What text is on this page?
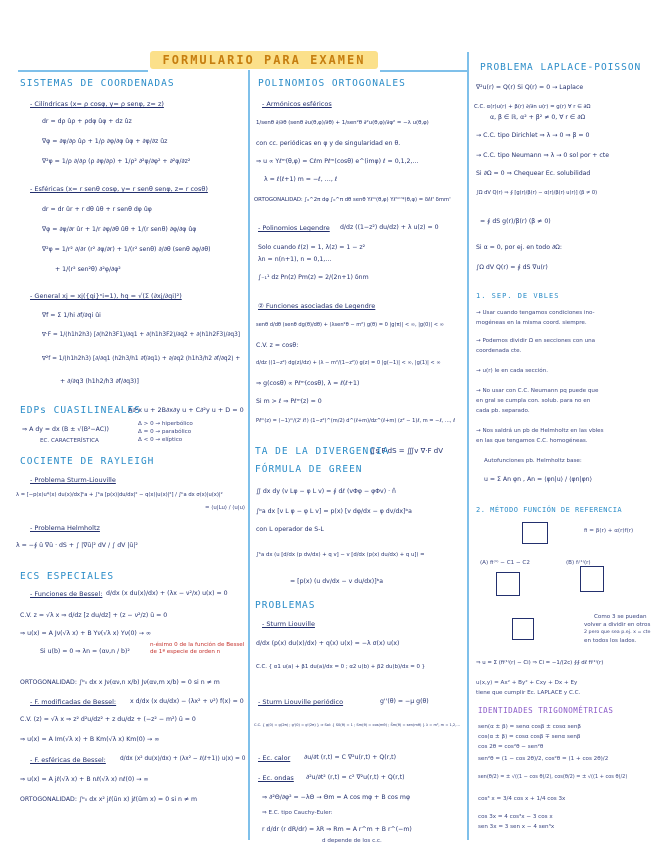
FORMULARIO PARA EXAMEN
SISTEMAS DE COORDENADAS
- Cilíndricas (x= ρ cosφ, y= ρ senφ, z= z)
dr = dρ ûρ + ρdφ ûφ + dz ûz
∇φ = ∂φ/∂ρ ûρ + 1/ρ ∂φ/∂φ ûφ + ∂φ/∂z ûz
∇²φ = 1/ρ ∂/∂ρ (ρ ∂φ/∂ρ) + 1/ρ² ∂²φ/∂φ² + ∂²φ/∂z²
- Esféricas (x= r senθ cosφ, y= r senθ senφ, z= r cosθ)
dr = dr ûr + r dθ ûθ + r senθ dφ ûφ
∇φ = ∂φ/∂r ûr + 1/r ∂φ/∂θ ûθ + 1/(r senθ) ∂φ/∂φ ûφ
∇²φ = 1/r² ∂/∂r (r² ∂φ/∂r) + 1/(r² senθ) ∂/∂θ (senθ ∂φ/∂θ)
+ 1/(r² sen²θ) ∂²φ/∂φ²
- General xj = xj({qi}ⁿi=1), hq = √(Σ (∂xj/∂qi)²)
∇f = Σ 1/hi ∂f/∂qi ûi
∇·F = 1/(h1h2h3) [∂(h2h3F1)/∂q1 + ∂(h1h3F2)/∂q2 + ∂(h1h2F3)/∂q3]
∇²f = 1/(h1h2h3) [∂/∂q1 (h2h3/h1 ∂f/∂q1) + ∂/∂q2 (h1h3/h2 ∂f/∂q2) +
+ ∂/∂q3 (h1h2/h3 ∂f/∂q3)]
EDPs CUASILINEALES
A∂²x u + 2B∂x∂y u + C∂²y u + D = 0
⇒ A dy = dx (B ± √(B²−AC))
EC. CARACTERÍSTICA
Δ > 0 → hiperbólico
Δ = 0 → parabólico
Δ < 0 → elíptico
COCIENTE DE RAYLEIGH
- Problema Sturm-Liouville
λ = [−p(x)u*(x) du(x)/dx]ᵇa + ∫ᵇa [p(x)|du/dx|² − q(x)|u(x)|²] / ∫ᵇa dx σ(x)|u(x)|²
= ⟨u|Lu⟩ / ⟨u|u⟩
- Problema Helmholtz
λ = −∮ ū ∇ū · dS + ∫ |∇ū|² dV / ∫ dV |ū|²
ECS ESPECIALES
- Funciones de Bessel: d/dx (x du(x)/dx) + (λx − ν²/x) u(x) = 0
C.V. z = √λ x ⇒ d/dz [z du/dz] + (z − ν²/z) ū = 0
⇒ u(x) = A Jν(√λ x) + B Yν(√λ x) Yν(0) → ∞
Si u(b) = 0 ⇒ λn = (αν,n / b)²
n-ésimo 0 de la función de Bessel de 1ª especie de orden n
ORTOGONALIDAD: ∫ᵇ₀ dx x Jν(αν,n x/b) Jν(αν,m x/b) = 0 si n ≠ m
- F. modificadas de Bessel: x d/dx (x du/dx) − (λx² + ν²) f(x) = 0
C.V. (z) = √λ x ⇒ z² d²u/dz² + z du/dz + (−z² − m²) ū = 0
⇒ u(x) = A Im(√λ x) + B Km(√λ x) Km(0) → ∞
- F. esféricas de Bessel: d/dx (x² du(x)/dx) + (λx² − ℓ(ℓ+1)) u(x) = 0
⇒ u(x) = A jℓ(√λ x) + B nℓ(√λ x) nℓ(0) → ∞
ORTOGONALIDAD: ∫ᵇ₀ dx x² jℓ(ūn x) jℓ(ūm x) = 0 si n ≠ m
POLINOMIOS ORTOGONALES
- Armónicos esféricos
1/senθ ∂/∂θ (senθ ∂u(θ,φ)/∂θ) + 1/sen²θ ∂²u(θ,φ)/∂φ² = −λ u(θ,φ)
con cc. periódicas en φ y de singularidad en θ.
⇒ u ∝ Yℓᵐ(θ,φ) = Cℓm Pℓᵐ(cosθ) e^(imφ) ℓ = 0,1,2,…
λ = ℓ(ℓ+1) m = −ℓ, …, ℓ
ORTOGONALIDAD: ∫₀^2π dφ ∫₀^π dθ senθ Yℓᵐ(θ,φ) Yℓ'ᵐ'*(θ,φ) = δℓℓ' δmm'
- Polinomios Legendre d/dz ((1−z²) du/dz) + λ u(z) = 0
Solo cuando ℓ(z) = 1, λ(z) = 1 − z²
λn = n(n+1), n = 0,1,…
∫₋₁¹ dz Pn(z) Pm(z) = 2/(2n+1) δnm
② Funciones asociadas de Legendre
senθ d/dθ (senθ dg(θ)/dθ) + (λsen²θ − m²) g(θ) = 0 |g(π)| < ∞, |g(0)| < ∞
C.V. z = cosθ:
d/dz ((1−z²) dg(z)/dz) + (λ − m²/(1−z²)) g(z) = 0 |g(−1)| < ∞, |g(1)| < ∞
⇒ g(cosθ) ∝ Pℓᵐ(cosθ), λ = ℓ(ℓ+1)
Si m > ℓ ⇒ Pℓᵐ(z) = 0
Pℓᵐ(z) = (−1)ᵐ/(2ˡ ℓ!) (1−z²)^(m/2) d^(ℓ+m)/dz^(ℓ+m) (z² − 1)ℓ, m = −ℓ, …, ℓ
TA DE LA DIVERGENCIA
∬s F·dS = ∭v ∇·F dV
FÓRMULA DE GREEN
∬ dx dy (v Lφ − φ L v) = ∮ dℓ (vΦφ − φΦv) · n̂
∫ᵇa dx [v L φ − φ L v] = p(x) [v dφ/dx − φ dv/dx]ᵇa
con L operador de S-L
∫ᵇa dx (u [d/dx (p dv/dx) + q v] − v [d/dx (p(x) du/dx) + q u]) =
= [p(x) (u dv/dx − v du/dx)]ᵇa
PROBLEMAS
- Sturm Liouville
d/dx (p(x) du(x)/dx) + q(x) u(x) = −λ σ(x) u(x)
C.C. { α1 u(a) + β1 du(a)/dx = 0 ; α2 u(b) + β2 du(b)/dx = 0 }
- Sturm Liouville periódico	g''(θ) = −μ g(θ)
C.C. { g(0) = g(2π) ; g'(0) = g'(2π) } ⇒ Sol: { S0(θ) = 1 ; Sm(θ) = cos(mθ) ; S̄m(θ) = sen(mθ) } λ = m², m = 1,2,…
- Ec. calor ∂u/∂t (r,t) = C ∇²u(r,t) + Q(r,t)
- Ec. ondas ∂²u/∂t² (r,t) = c² ∇²u(r,t) + Q(r,t)
⇒ ∂²Θ/∂φ² = −λΘ → Θm = A cos mφ + B cos mφ
⇒ E.C. tipo Cauchy-Euler:
r d/dr (r dR/dr) = λR ⇒ Rm = A r^m + B r^(−m)
d depende de los c.c.
PROBLEMA LAPLACE-POISSON
∇²u(r) = Q(r) Si Q(r) = 0 → Laplace
C.C. α(r)u(r) + β(r) ∂/∂n u(r) = g(r) ∀ r ∈ ∂Ω
α, β ∈ ℝ, α² + β² ≠ 0, ∀ r ∈ ∂Ω
→ C.C. tipo Dirichlet ⇒ λ → 0 ⇒ β = 0
→ C.C. tipo Neumann ⇒ λ → 0 sol por + cte
Si ∂Ω = 0 ⇒ Chequear Ec. solubilidad
∫Ω dV Q(r) ⇒ ∮ [g(r)/β(r) − α(r)/β(r) u(r)] (β ≠ 0)
= ∮ dS g(r)/β(r) (β ≠ 0)
Si α = 0, por ej. en todo ∂Ω:
∫Ω dV Q(r) = ∮ dS ∇u(r)
1. SEP. DE VBLES
→ Usar cuando tengamos condiciones ino-
mogéneas en la misma coord. siempre.
→ Podemos dividir Ω en secciones con una
coordenada cte.
→ u(r) le en cada sección.
→ No usar con C.C. Neumann pq puede que
en gral se cumpla con. solub. para no en
cada pb. separado.
→ Nos saldrá un pb de Helmholtz en las vbles
en las que tengamos C.C. homogéneas.
Autofunciones pb. Helmholtz base:
u = Σ An φn , An = ⟨φn|u⟩ / ⟨φn|φn⟩
2. MÉTODO FUNCIÓN DE REFERENCIA
fi = β(r) + α(r)f(r)
(A) fi⁽¹⁾ − C1 − C2	(B) fᵢ⁽¹⁾(r)
Como 3 se puedan
volver a dividir en otros
2 pero que sea p.ej. x = cte
en todos los lados.
⇒ u = Σ (fi⁽¹⁾(r) − Ci) ⇒ Ci = −1/(2c) ∮∮ dℓ fi⁽¹⁾(r)
u(x,y) = Ax² + By² + Cxy + Dx + Ey
tiene que cumplir Ec. LAPLACE y C.C.
IDENTIDADES TRIGONOMÉTRICAS
sen(α ± β) = senα cosβ ± cosα senβ
cos(α ± β) = cosα cosβ ∓ senα senβ
cos 2θ = cos²θ − sen²θ
sen²θ = (1 − cos 2θ)/2, cos²θ = (1 + cos 2θ)/2
sen(θ/2) = ± √((1 − cos θ)/2), cos(θ/2) = ± √((1 + cos θ)/2)
cos³ x = 3/4 cos x + 1/4 cos 3x
cos 3x = 4 cos³x − 3 cos x
sen 3x = 3 sen x − 4 sen³x
